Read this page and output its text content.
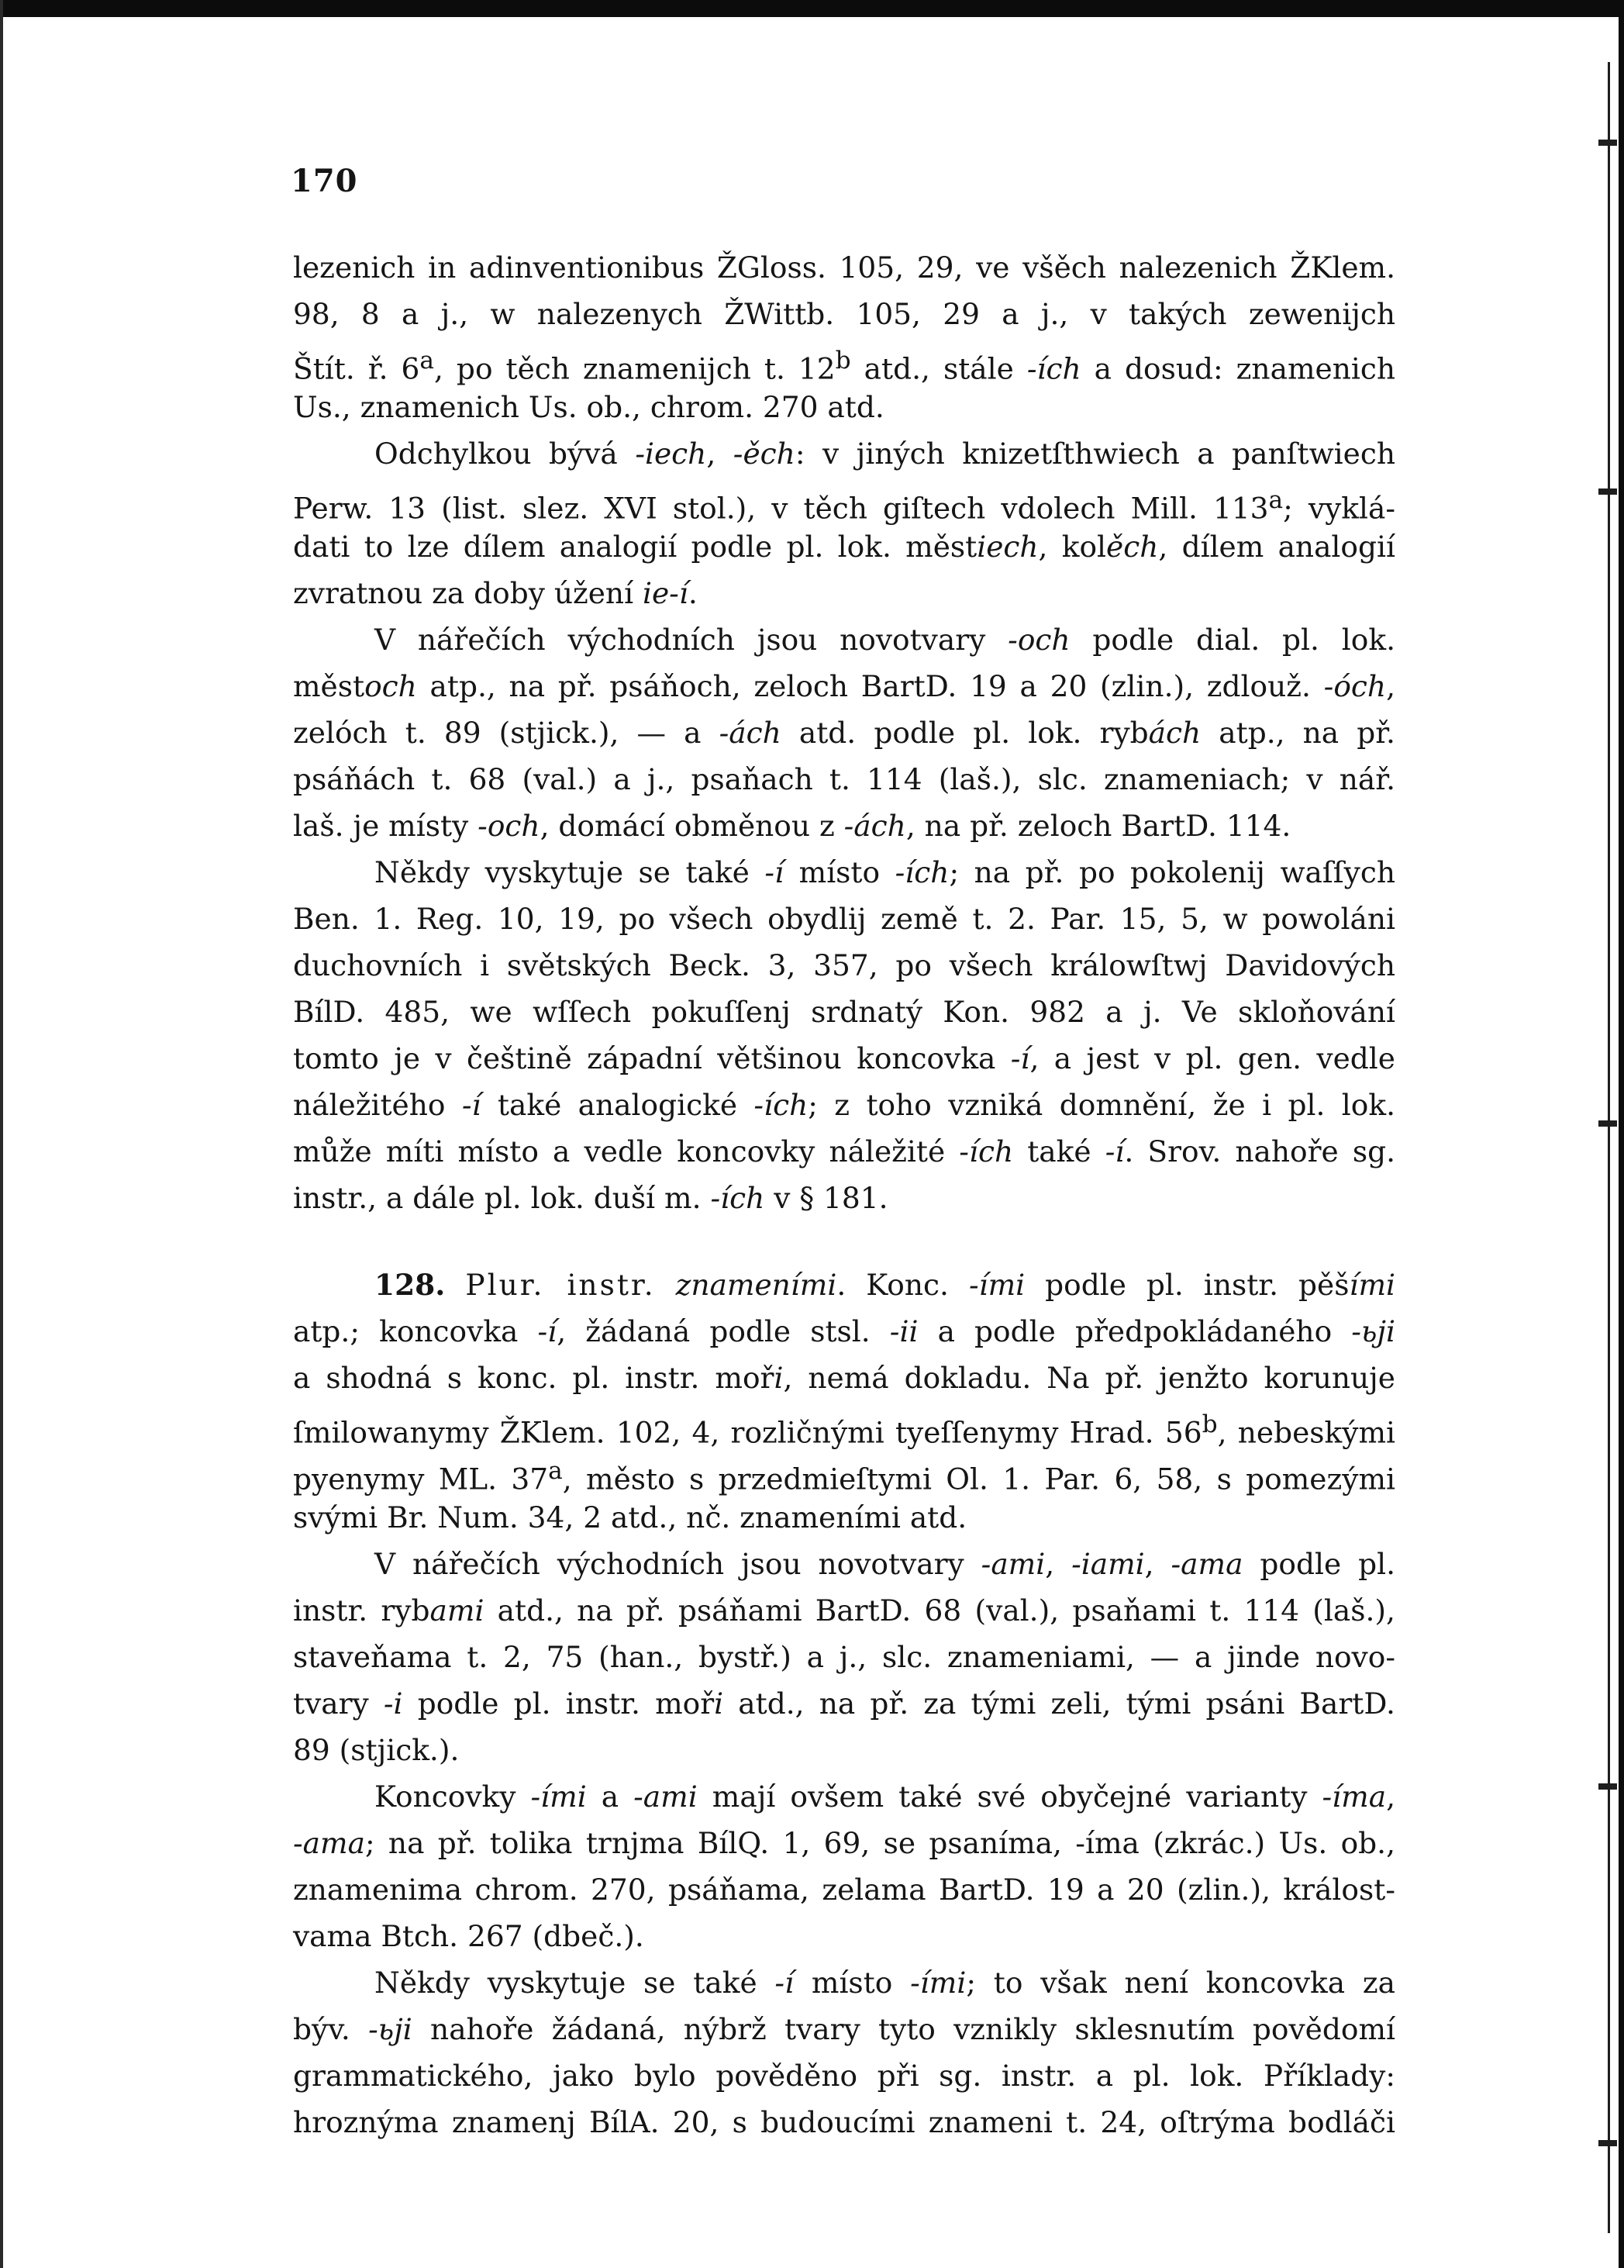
170
lezenich in adinventionibus ŽGloss. 105, 29, ve všěch nalezenich ŽKlem.
98, 8 a j., w nalezenych ŽWittb. 105, 29 a j., v takých zewenijch
Štít. ř. 6$^a$, po těch znamenijch t. 12$^b$ atd., stále -ích a dosud: znamenich
Us., znamenich Us. ob., chrom. 270 atd.
Odchylkou bývá -iech, -ěch: v jiných knizetſthwiech a panſtwiech
Perw. 13 (list. slez. XVI stol.), v těch giſtech vdolech Mill. 113$^a$; vyklá-
dati to lze dílem analogií podle pl. lok. městiech, kolěch, dílem analogií
zvratnou za doby úžení ie-í.
V nářečích východních jsou novotvary -och podle dial. pl. lok.
městoch atp., na př. psáňoch, zeloch BartD. 19 a 20 (zlin.), zdlouž. -óch,
zelóch t. 89 (stjick.), — a -ách atd. podle pl. lok. rybách atp., na př.
psáňách t. 68 (val.) a j., psaňach t. 114 (laš.), slc. znameniach; v nář.
laš. je místy -och, domácí obměnou z -ách, na př. zeloch BartD. 114.
Někdy vyskytuje se také -í místo -ích; na př. po pokolenij waſſych
Ben. 1. Reg. 10, 19, po všech obydlij země t. 2. Par. 15, 5, w powoláni
duchovních i světských Beck. 3, 357, po všech králowſtwj Davidových
BílD. 485, we wſſech pokuſſenj srdnatý Kon. 982 a j. Ve skloňování
tomto je v češtině západní většinou koncovka -í, a jest v pl. gen. vedle
náležitého -í také analogické -ích; z toho vzniká domnění, že i pl. lok.
může míti místo a vedle koncovky náležité -ích také -í. Srov. nahoře sg.
instr., a dále pl. lok. duší m. -ích v § 181.
128. Plur. instr. znameními. Konc. -ími podle pl. instr. pěšími
atp.; koncovka -í, žádaná podle stsl. -ii a podle předpokládaného -ьji
a shodná s konc. pl. instr. moři, nemá dokladu. Na př. jenžto korunuje
ſmilowanymy ŽKlem. 102, 4, rozličnými tyeſſenymy Hrad. 56$^b$, nebeskými
pyenymy ML. 37$^a$, město s przedmieſtymi Ol. 1. Par. 6, 58, s pomezými
svými Br. Num. 34, 2 atd., nč. znameními atd.
V nářečích východních jsou novotvary -ami, -iami, -ama podle pl.
instr. rybami atd., na př. psáňami BartD. 68 (val.), psaňami t. 114 (laš.),
staveňama t. 2, 75 (han., bystř.) a j., slc. znameniami, — a jinde novo-
tvary -i podle pl. instr. moři atd., na př. za tými zeli, tými psáni BartD.
89 (stjick.).
Koncovky -ími a -ami mají ovšem také své obyčejné varianty -íma,
-ama; na př. tolika trnjma BílQ. 1, 69, se psaníma, -íma (zkrác.) Us. ob.,
znamenima chrom. 270, psáňama, zelama BartD. 19 a 20 (zlin.), králost-
vama Btch. 267 (dbeč.).
Někdy vyskytuje se také -í místo -ími; to však není koncovka za
býv. -ьji nahoře žádaná, nýbrž tvary tyto vznikly sklesnutím povědomí
grammatického, jako bylo pověděno při sg. instr. a pl. lok. Příklady:
hroznýma znamenj BílA. 20, s budoucími znameni t. 24, oſtrýma bodláči
